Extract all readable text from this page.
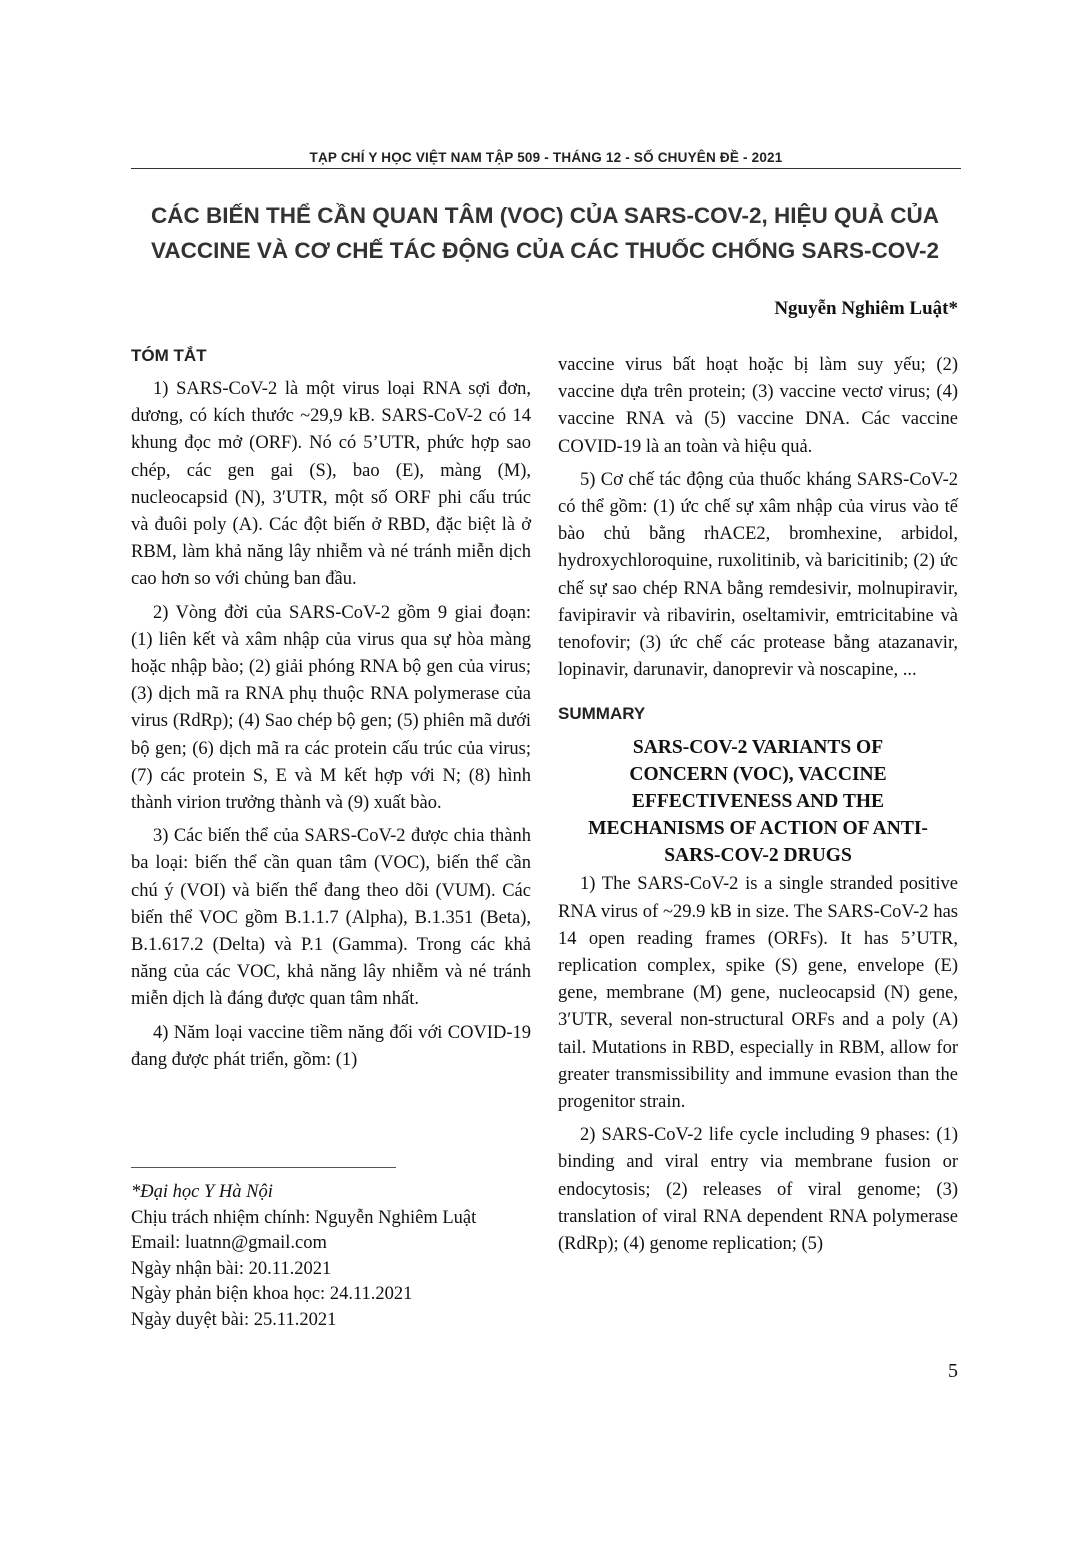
TẠP CHÍ Y HỌC VIỆT NAM TẬP 509 - THÁNG 12 - SỐ CHUYÊN ĐỀ - 2021
CÁC BIẾN THỂ CẦN QUAN TÂM (VOC) CỦA SARS-COV-2, HIỆU QUẢ CỦA
VACCINE VÀ CƠ CHẾ TÁC ĐỘNG CỦA CÁC THUỐC CHỐNG SARS-COV-2
Nguyễn Nghiêm Luật*
TÓM TẮT

1) SARS-CoV-2 là một virus loại RNA sợi đơn, dương, có kích thước ~29,9 kB. SARS-CoV-2 có 14 khung đọc mở (ORF). Nó có 5’UTR, phức hợp sao chép, các gen gai (S), bao (E), màng (M), nucleocapsid (N), 3′UTR, một số ORF phi cấu trúc và đuôi poly (A). Các đột biến ở RBD, đặc biệt là ở RBM, làm khả năng lây nhiễm và né tránh miễn dịch cao hơn so với chủng ban đầu.

2) Vòng đời của SARS-CoV-2 gồm 9 giai đoạn: (1) liên kết và xâm nhập của virus qua sự hòa màng hoặc nhập bào; (2) giải phóng RNA bộ gen của virus; (3) dịch mã ra RNA phụ thuộc RNA polymerase của virus (RdRp); (4) Sao chép bộ gen; (5) phiên mã dưới bộ gen; (6) dịch mã ra các protein cấu trúc của virus; (7) các protein S, E và M kết hợp với N; (8) hình thành virion trưởng thành và (9) xuất bào.

3) Các biến thể của SARS-CoV-2 được chia thành ba loại: biến thể cần quan tâm (VOC), biến thể cần chú ý (VOI) và biến thể đang theo dõi (VUM). Các biến thể VOC gồm B.1.1.7 (Alpha), B.1.351 (Beta), B.1.617.2 (Delta) và P.1 (Gamma). Trong các khả năng của các VOC, khả năng lây nhiễm và né tránh miễn dịch là đáng được quan tâm nhất.

4) Năm loại vaccine tiềm năng đối với COVID-19 đang được phát triển, gồm: (1)

*Đại học Y Hà Nội
Chịu trách nhiệm chính: Nguyễn Nghiêm Luật
Email: luatnn@gmail.com
Ngày nhận bài: 20.11.2021
Ngày phản biện khoa học: 24.11.2021
Ngày duyệt bài: 25.11.2021

vaccine virus bất hoạt hoặc bị làm suy yếu; (2) vaccine dựa trên protein; (3) vaccine vectơ virus; (4) vaccine RNA và (5) vaccine DNA. Các vaccine COVID-19 là an toàn và hiệu quả.

5) Cơ chế tác động của thuốc kháng SARS-CoV-2 có thể gồm: (1) ức chế sự xâm nhập của virus vào tế bào chủ bằng rhACE2, bromhexine, arbidol, hydroxychloroquine, ruxolitinib, và baricitinib; (2) ức chế sự sao chép RNA bằng remdesivir, molnupiravir, favipiravir và ribavirin, oseltamivir, emtricitabine và tenofovir; (3) ức chế các protease bằng atazanavir, lopinavir, darunavir, danoprevir và noscapine, ...

SUMMARY
SARS-COV-2 VARIANTS OF
CONCERN (VOC), VACCINE
EFFECTIVENESS AND THE
MECHANISMS OF ACTION OF ANTI-
SARS-COV-2 DRUGS

1) The SARS-CoV-2 is a single stranded positive RNA virus of ~29.9 kB in size. The SARS-CoV-2 has 14 open reading frames (ORFs). It has 5’UTR, replication complex, spike (S) gene, envelope (E) gene, membrane (M) gene, nucleocapsid (N) gene, 3′UTR, several non-structural ORFs and a poly (A) tail. Mutations in RBD, especially in RBM, allow for greater transmissibility and immune evasion than the progenitor strain.

2) SARS-CoV-2 life cycle including 9 phases: (1) binding and viral entry via membrane fusion or endocytosis; (2) releases of viral genome; (3) translation of viral RNA dependent RNA polymerase (RdRp); (4) genome replication; (5)

5
